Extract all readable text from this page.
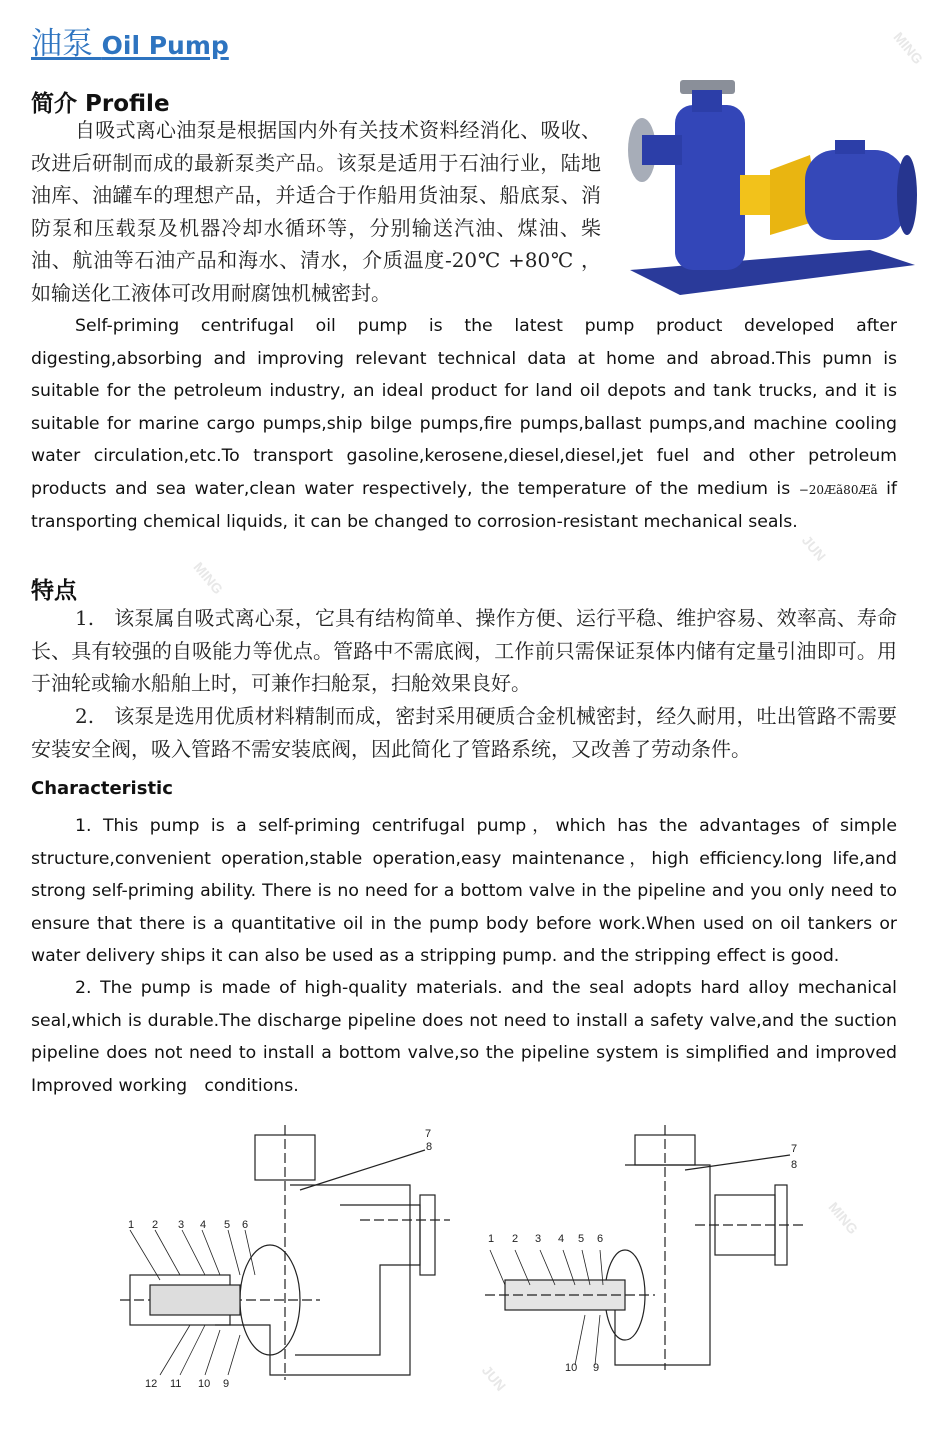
MING
JUN
MING
MING
JUN
油泵 Oil Pump
简介 Profile
自吸式离心油泵是根据国内外有关技术资料经消化、吸收、改进后研制而成的最新泵类产品。该泵是适用于石油行业，陆地油库、油罐车的理想产品，并适合于作船用货油泵、船底泵、消防泵和压载泵及机器冷却水循环等，分别输送汽油、煤油、柴油、航油等石油产品和海水、清水，介质温度-20℃ +80℃ ，如输送化工液体可改用耐腐蚀机械密封。
Self-priming centrifugal oil pump is the latest pump product developed after digesting,absorbing and improving relevant technical data at home and abroad.This pumn is suitable for the petroleum industry, an ideal product for land oil depots and tank trucks, and it is suitable for marine cargo pumps,ship bilge pumps,fire pumps,ballast pumps,and machine cooling water circulation,etc.To transport gasoline,kerosene,diesel,diesel,jet fuel and other petroleum products and sea water,clean water respectively, the temperature of the medium is −20Æã80Æã if transporting chemical liquids, it can be changed to corrosion-resistant mechanical seals.
特点
1.　该泵属自吸式离心泵，它具有结构简单、操作方便、运行平稳、维护容易、效率高、寿命长、具有较强的自吸能力等优点。管路中不需底阀，工作前只需保证泵体内储有定量引油即可。用于油轮或输水船舶上时，可兼作扫舱泵，扫舱效果良好。
2.　该泵是选用优质材料精制而成，密封采用硬质合金机械密封，经久耐用，吐出管路不需要安装安全阀，吸入管路不需安装底阀，因此简化了管路系统，又改善了劳动条件。
Characteristic
1. This pump is a self-priming centrifugal pump，which has the advantages of simple structure,convenient operation,stable operation,easy maintenance，high efficiency.long life,and strong self-priming ability. There is no need for a bottom valve in the pipeline and you only need to ensure that there is a quantitative oil in the pump body before work.When used on oil tankers or water delivery ships it can also be used as a stripping pump. and the stripping effect is good.
2. The pump is made of high-quality materials. and the seal adopts hard alloy mechanical seal,which is durable.The discharge pipeline does not need to install a safety valve,and the suction pipeline does not need to install a bottom valve,so the pipeline system is simplified and improved Improved working　conditions.
1 2 3 4 5 6
7
8
12 11 10 9
1 2 3 4 5 6
7
8
10 9
